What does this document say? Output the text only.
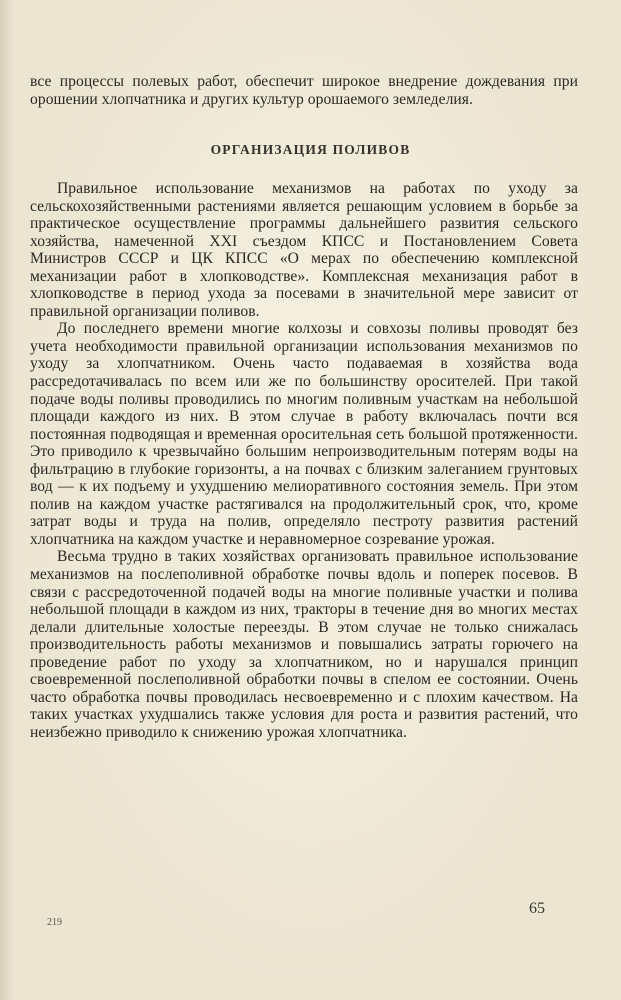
все процессы полевых работ, обеспечит широкое внедрение дождевания при орошении хлопчатника и других культур орошаемого земледелия.

ОРГАНИЗАЦИЯ ПОЛИВОВ

Правильное использование механизмов на работах по уходу за сельскохозяйственными растениями является решающим условием в борьбе за практическое осуществление программы дальнейшего развития сельского хозяйства, намеченной XXI съездом КПСС и Постановлением Совета Министров СССР и ЦК КПСС «О мерах по обеспечению комплексной механизации работ в хлопководстве». Комплексная механизация работ в хлопководстве в период ухода за посевами в значительной мере зависит от правильной организации поливов.

До последнего времени многие колхозы и совхозы поливы проводят без учета необходимости правильной организации использования механизмов по уходу за хлопчатником. Очень часто подаваемая в хозяйства вода рассредотачивалась по всем или же по большинству оросителей. При такой подаче воды поливы проводились по многим поливным участкам на небольшой площади каждого из них. В этом случае в работу включалась почти вся постоянная подводящая и временная оросительная сеть большой протяженности. Это приводило к чрезвычайно большим непроизводительным потерям воды на фильтрацию в глубокие горизонты, а на почвах с близким залеганием грунтовых вод — к их подъему и ухудшению мелиоративного состояния земель. При этом полив на каждом участке растягивался на продолжительный срок, что, кроме затрат воды и труда на полив, определяло пестроту развития растений хлопчатника на каждом участке и неравномерное созревание урожая.

Весьма трудно в таких хозяйствах организовать правильное использование механизмов на послеполивной обработке почвы вдоль и поперек посевов. В связи с рассредоточенной подачей воды на многие поливные участки и полива небольшой площади в каждом из них, тракторы в течение дня во многих местах делали длительные холостые переезды. В этом случае не только снижалась производительность работы механизмов и повышались затраты горючего на проведение работ по уходу за хлопчатником, но и нарушался принцип своевременной послеполивной обработки почвы в спелом ее состоянии. Очень часто обработка почвы проводилась несвоевременно и с плохим качеством. На таких участках ухудшались также условия для роста и развития растений, что неизбежно приводило к снижению урожая хлопчатника.

219
65
